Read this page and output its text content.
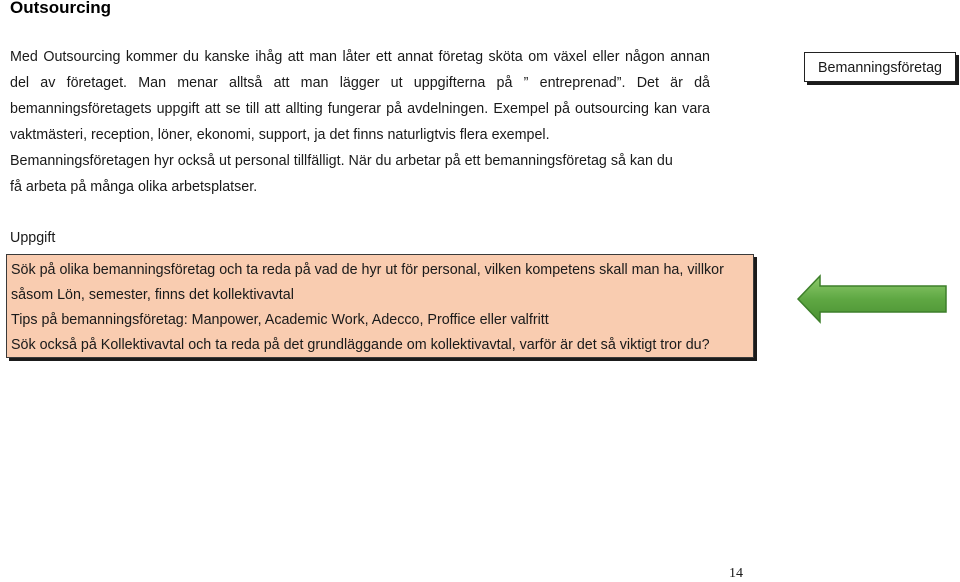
Outsourcing

Med Outsourcing kommer du kanske ihåg att man låter ett annat företag sköta om växel eller någon annan

del av företaget. Man menar alltså att man lägger ut uppgifterna på ” entreprenad”. Det är då

bemanningsföretagets uppgift att se till att allting fungerar på avdelningen. Exempel på outsourcing kan vara

vaktmästeri, reception, löner, ekonomi, support, ja det finns naturligtvis flera exempel.

Bemanningsföretagen hyr också ut personal tillfälligt. När du arbetar på ett bemanningsföretag så kan du

få arbeta på många olika arbetsplatser.

Bemanningsföretag
Uppgift

Sök på olika bemanningsföretag och ta reda på vad de hyr ut för personal, vilken kompetens skall man ha, villkor

såsom Lön, semester, finns det kollektivavtal

Tips på bemanningsföretag: Manpower, Academic Work, Adecco, Proffice eller valfritt

Sök också på Kollektivavtal och ta reda på det grundläggande om kollektivavtal, varför är det så viktigt tror du?

14
